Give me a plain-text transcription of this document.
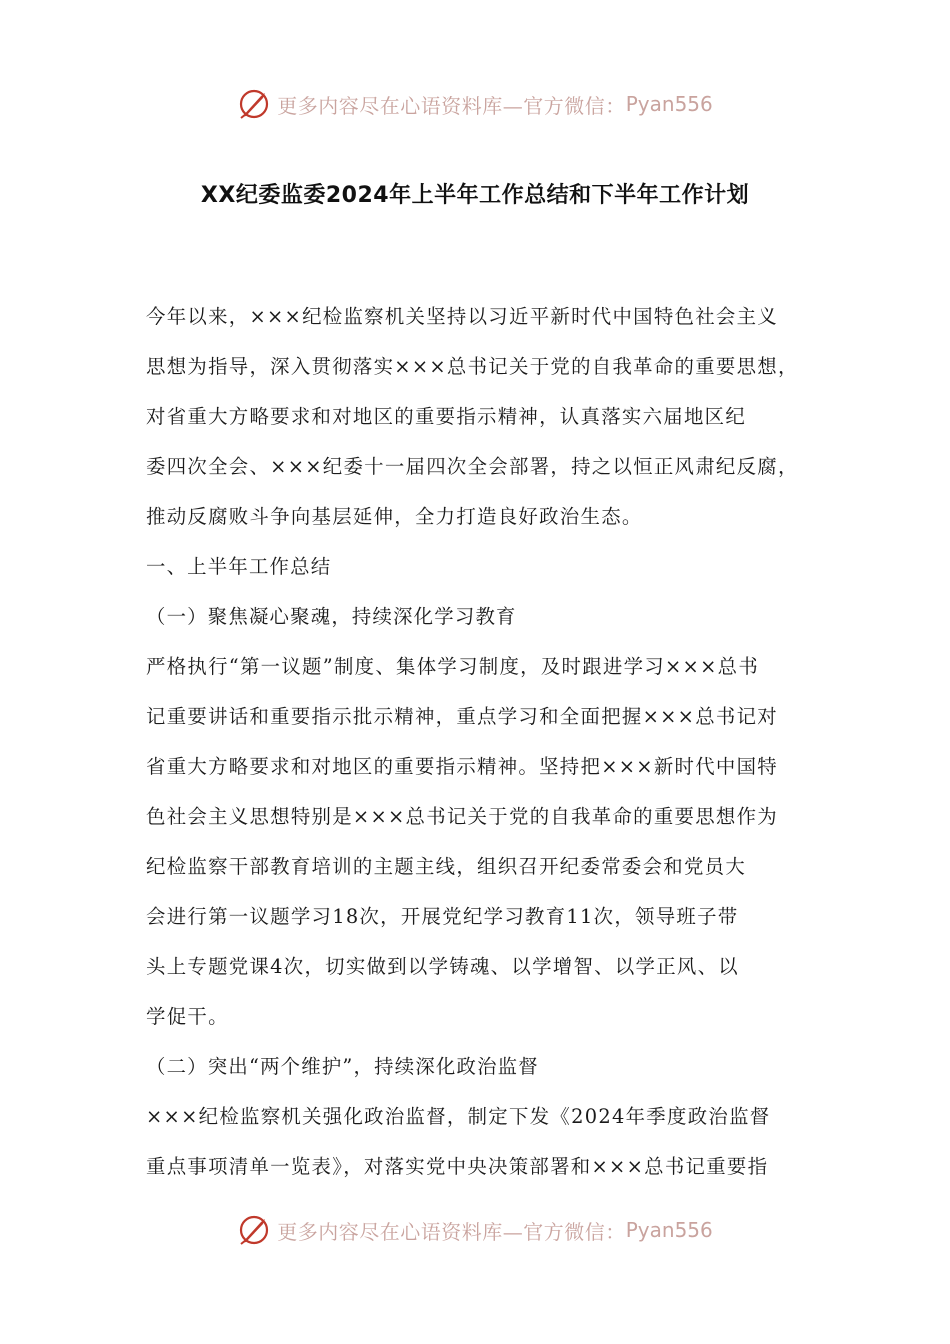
更多内容尽在心语资料库—官方微信： Pyan556
XX纪委监委2024年上半年工作总结和下半年工作计划
今年以来，×××纪检监察机关坚持以习近平新时代中国特色社会主义
思想为指导，深入贯彻落实×××总书记关于党的自我革命的重要思想，
对省重大方略要求和对地区的重要指示精神，认真落实六届地区纪
委四次全会、×××纪委十一届四次全会部署，持之以恒正风肃纪反腐，
推动反腐败斗争向基层延伸，全力打造良好政治生态。
一、上半年工作总结
（一）聚焦凝心聚魂，持续深化学习教育
严格执行“第一议题”制度、集体学习制度，及时跟进学习×××总书
记重要讲话和重要指示批示精神，重点学习和全面把握×××总书记对
省重大方略要求和对地区的重要指示精神。坚持把×××新时代中国特
色社会主义思想特别是×××总书记关于党的自我革命的重要思想作为
纪检监察干部教育培训的主题主线，组织召开纪委常委会和党员大
会进行第一议题学习18次，开展党纪学习教育11次，领导班子带
头上专题党课4次，切实做到以学铸魂、以学增智、以学正风、以
学促干。
（二）突出“两个维护”，持续深化政治监督
×××纪检监察机关强化政治监督，制定下发《2024年季度政治监督
重点事项清单一览表》，对落实党中央决策部署和×××总书记重要指
更多内容尽在心语资料库—官方微信： Pyan556
